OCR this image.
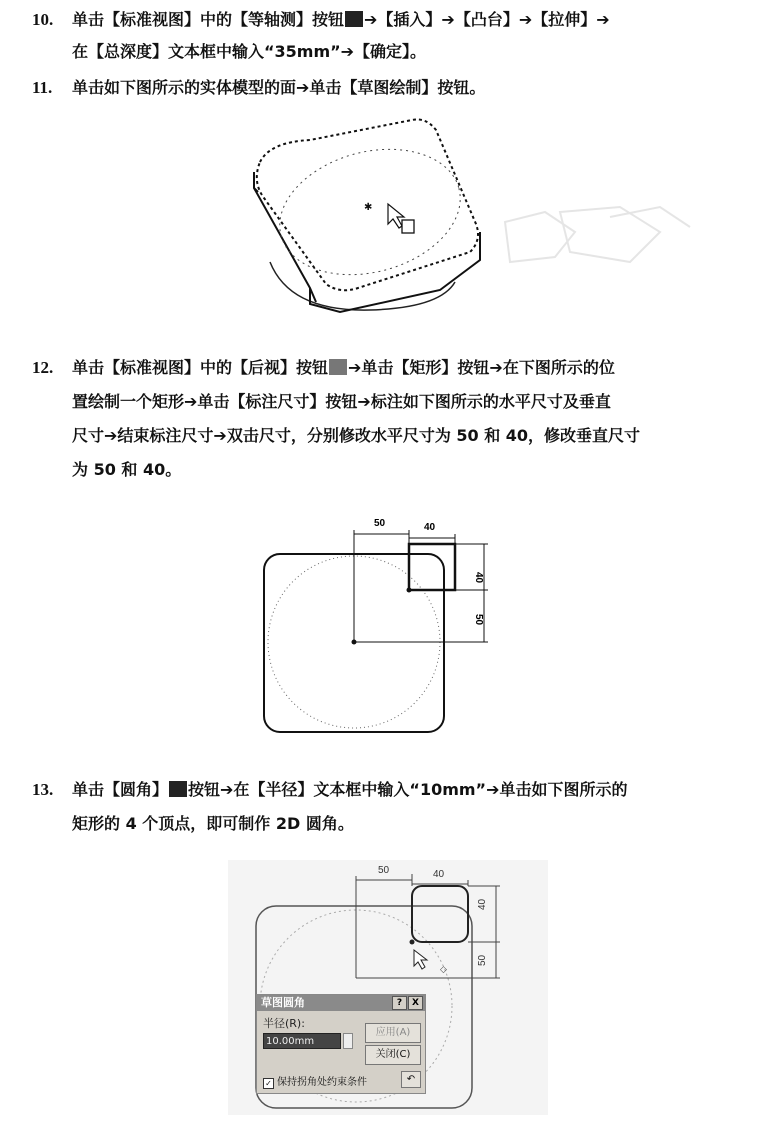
10. 单击【标准视图】中的【等轴测】按钮 ➔【插入】➔【凸台】➔【拉伸】➔
在【总深度】文本框中输入“35mm”➔【确定】。
11. 单击如下图所示的实体模型的面➔单击【草图绘制】按钮。
✱
12. 单击【标准视图】中的【后视】按钮 ➔单击【矩形】按钮➔在下图所示的位
置绘制一个矩形➔单击【标注尺寸】按钮➔标注如下图所示的水平尺寸及垂直
尺寸➔结束标注尺寸➔双击尺寸，分别修改水平尺寸为 50 和 40，修改垂直尺寸
为 50 和 40。
50	40
40
50
13. 单击【圆角】 按钮➔在【半径】文本框中输入“10mm”➔单击如下图所示的
矩形的 4 个顶点，即可制作 2D 圆角。
◇
50	40
40
50
草图圆角	?	X
半径(R):
10.00mm
应用(A)
关闭(C)
✓ 保持拐角处约束条件	↶
